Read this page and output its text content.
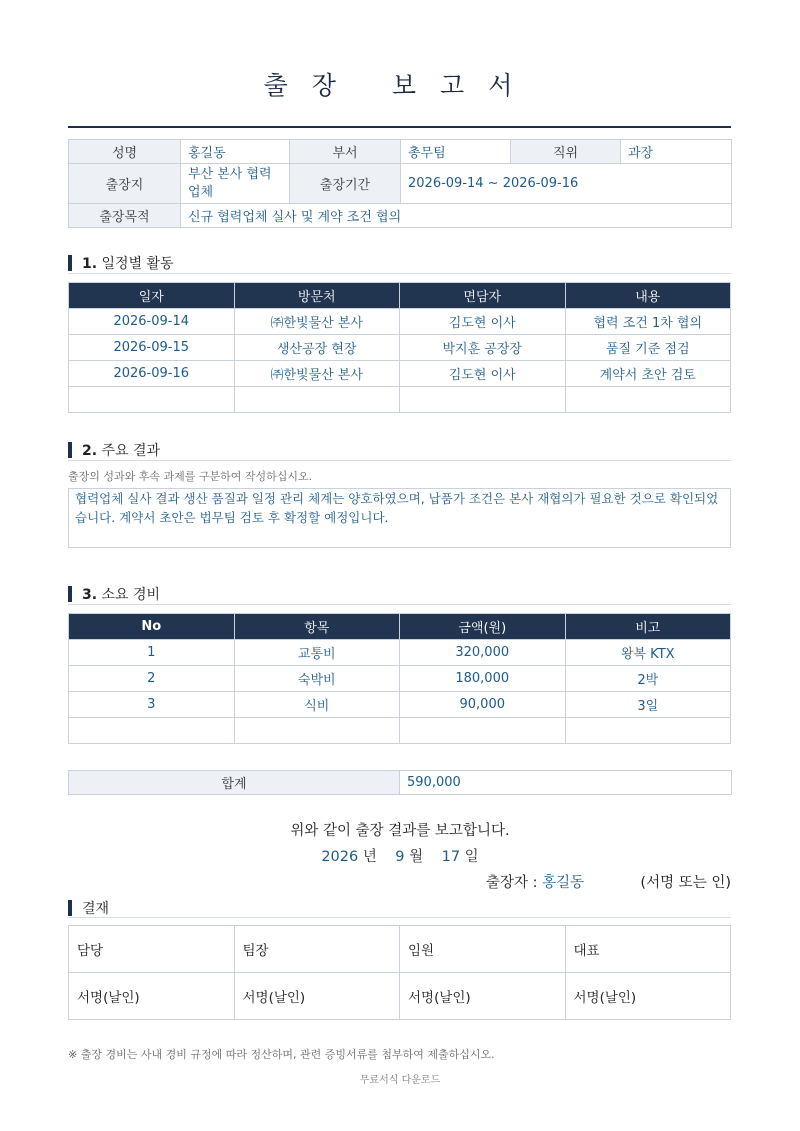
출장 보고서
성명	홍길동	부서	총무팀	직위	과장
출장지	부산 본사 협력업체	출장기간	2026-09-14 ~ 2026-09-16		
출장목적	신규 협력업체 실사 및 계약 조건 협의				
1. 일정별 활동
일자	방문처	면담자	내용
2026-09-14	㈜한빛물산 본사	김도현 이사	협력 조건 1차 협의
2026-09-15	생산공장 현장	박지훈 공장장	품질 기준 점검
2026-09-16	㈜한빛물산 본사	김도현 이사	계약서 초안 검토

2. 주요 결과
출장의 성과와 후속 과제를 구분하여 작성하십시오.
협력업체 실사 결과 생산 품질과 일정 관리 체계는 양호하였으며, 납품가 조건은 본사 재협의가 필요한 것으로 확인되었습니다. 계약서 초안은 법무팀 검토 후 확정할 예정입니다.
3. 소요 경비
No	항목	금액(원)	비고
1	교통비	320,000	왕복 KTX
2	숙박비	180,000	2박
3	식비	90,000	3일

합계	590,000
위와 같이 출장 결과를 보고합니다.
2026 년 9 월 17 일
출장자 : 홍길동	(서명 또는 인)
결재
담당	팀장	임원	대표
서명(날인)	서명(날인)	서명(날인)	서명(날인)
※ 출장 경비는 사내 경비 규정에 따라 정산하며, 관련 증빙서류를 첨부하여 제출하십시오.
무료서식 다운로드
